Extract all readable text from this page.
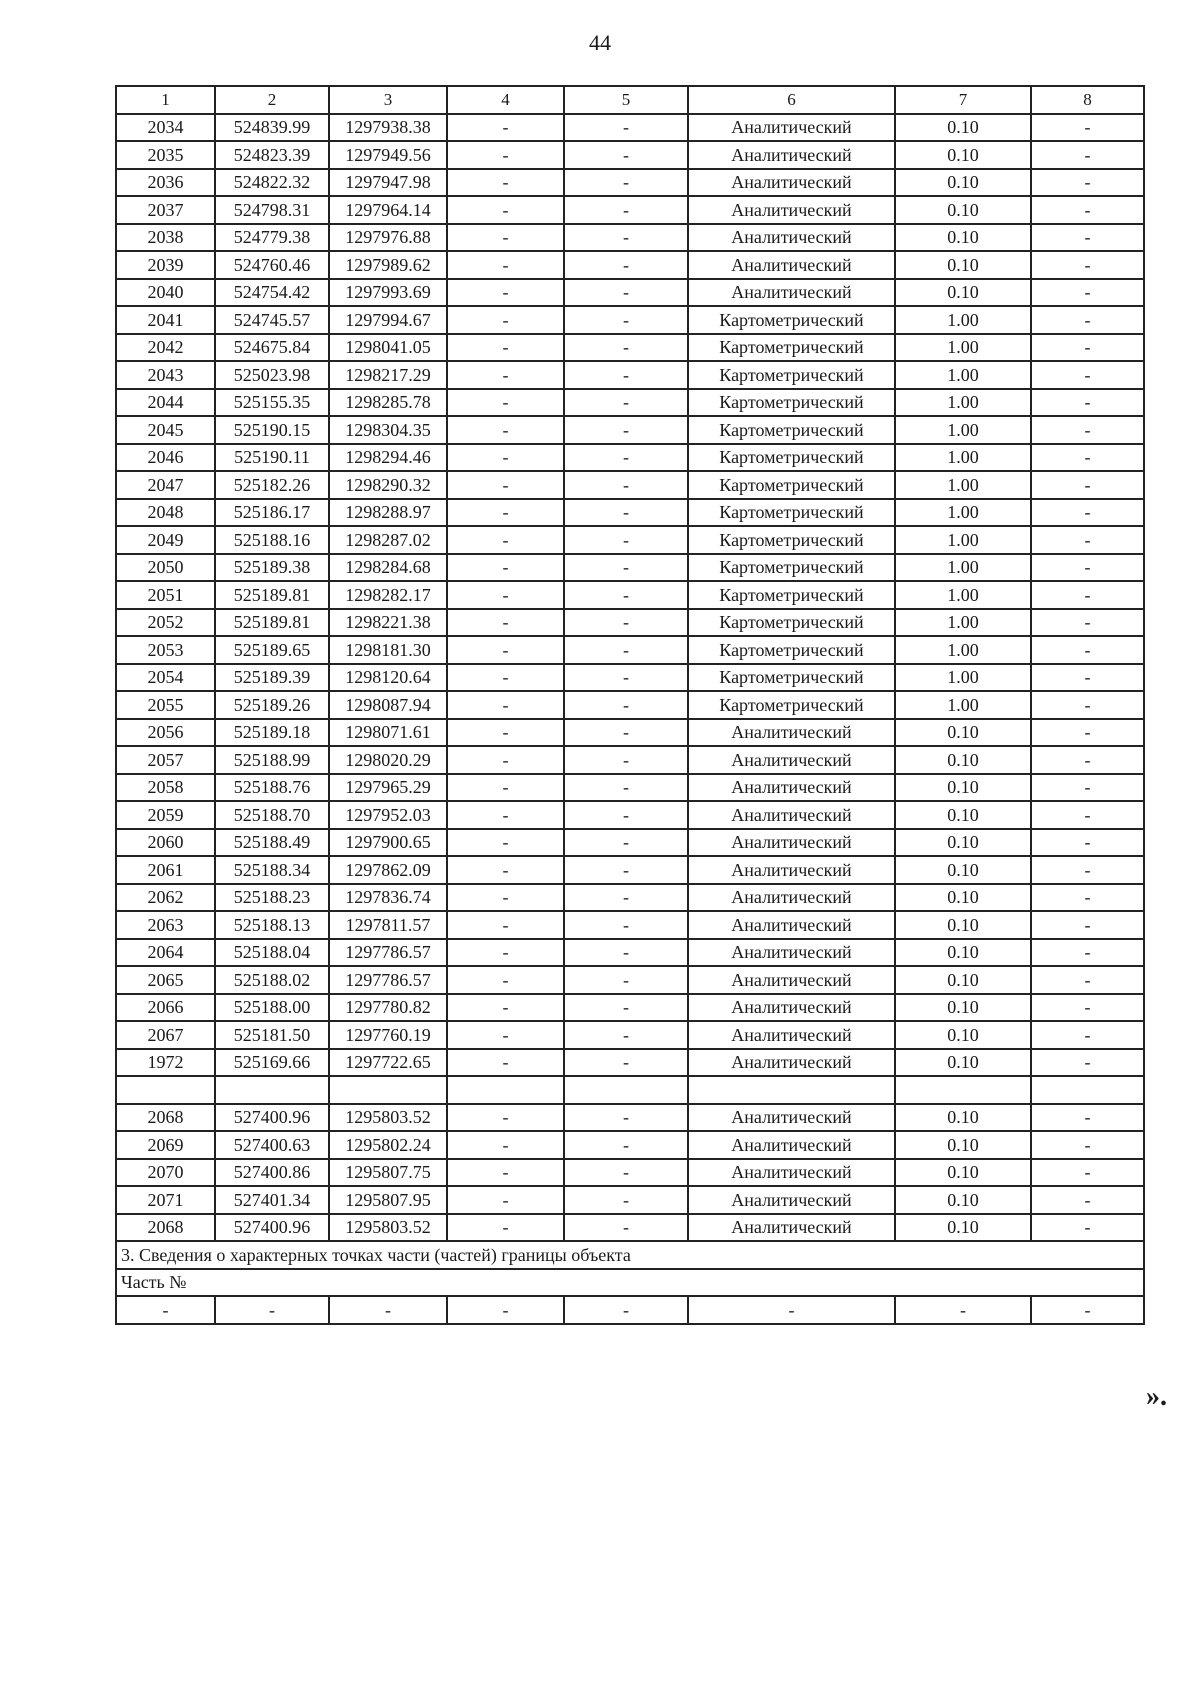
44
1	2	3	4	5	6	7	8
2034	524839.99	1297938.38	-	-	Аналитический	0.10	-
2035	524823.39	1297949.56	-	-	Аналитический	0.10	-
2036	524822.32	1297947.98	-	-	Аналитический	0.10	-
2037	524798.31	1297964.14	-	-	Аналитический	0.10	-
2038	524779.38	1297976.88	-	-	Аналитический	0.10	-
2039	524760.46	1297989.62	-	-	Аналитический	0.10	-
2040	524754.42	1297993.69	-	-	Аналитический	0.10	-
2041	524745.57	1297994.67	-	-	Картометрический	1.00	-
2042	524675.84	1298041.05	-	-	Картометрический	1.00	-
2043	525023.98	1298217.29	-	-	Картометрический	1.00	-
2044	525155.35	1298285.78	-	-	Картометрический	1.00	-
2045	525190.15	1298304.35	-	-	Картометрический	1.00	-
2046	525190.11	1298294.46	-	-	Картометрический	1.00	-
2047	525182.26	1298290.32	-	-	Картометрический	1.00	-
2048	525186.17	1298288.97	-	-	Картометрический	1.00	-
2049	525188.16	1298287.02	-	-	Картометрический	1.00	-
2050	525189.38	1298284.68	-	-	Картометрический	1.00	-
2051	525189.81	1298282.17	-	-	Картометрический	1.00	-
2052	525189.81	1298221.38	-	-	Картометрический	1.00	-
2053	525189.65	1298181.30	-	-	Картометрический	1.00	-
2054	525189.39	1298120.64	-	-	Картометрический	1.00	-
2055	525189.26	1298087.94	-	-	Картометрический	1.00	-
2056	525189.18	1298071.61	-	-	Аналитический	0.10	-
2057	525188.99	1298020.29	-	-	Аналитический	0.10	-
2058	525188.76	1297965.29	-	-	Аналитический	0.10	-
2059	525188.70	1297952.03	-	-	Аналитический	0.10	-
2060	525188.49	1297900.65	-	-	Аналитический	0.10	-
2061	525188.34	1297862.09	-	-	Аналитический	0.10	-
2062	525188.23	1297836.74	-	-	Аналитический	0.10	-
2063	525188.13	1297811.57	-	-	Аналитический	0.10	-
2064	525188.04	1297786.57	-	-	Аналитический	0.10	-
2065	525188.02	1297786.57	-	-	Аналитический	0.10	-
2066	525188.00	1297780.82	-	-	Аналитический	0.10	-
2067	525181.50	1297760.19	-	-	Аналитический	0.10	-
1972	525169.66	1297722.65	-	-	Аналитический	0.10	-

2068	527400.96	1295803.52	-	-	Аналитический	0.10	-
2069	527400.63	1295802.24	-	-	Аналитический	0.10	-
2070	527400.86	1295807.75	-	-	Аналитический	0.10	-
2071	527401.34	1295807.95	-	-	Аналитический	0.10	-
2068	527400.96	1295803.52	-	-	Аналитический	0.10	-
3. Сведения о характерных точках части (частей) границы объекта							
Часть №							
-	-	-	-	-	-	-	-
».
